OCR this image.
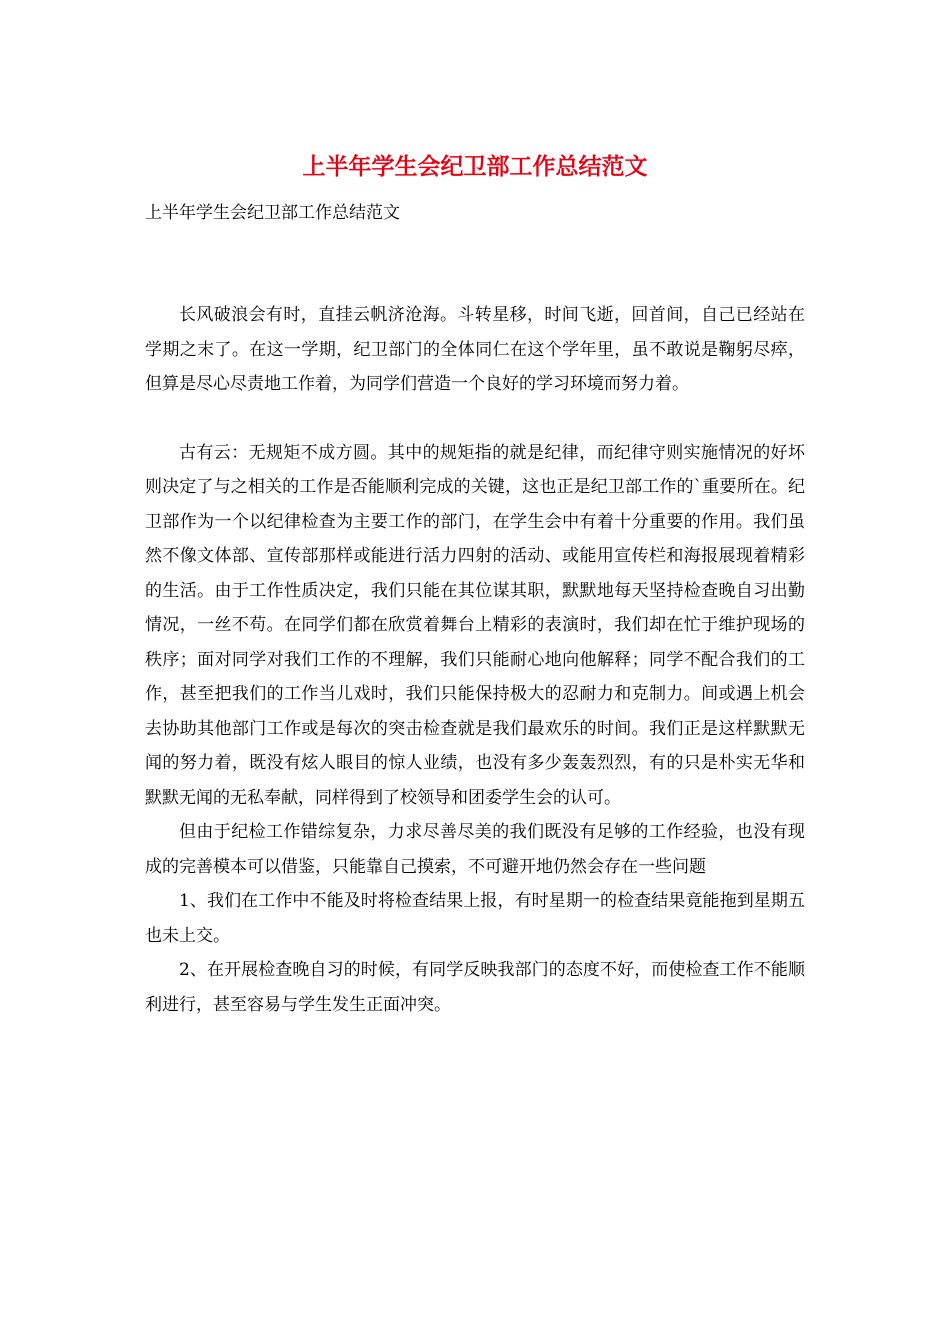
上半年学生会纪卫部工作总结范文

上半年学生会纪卫部工作总结范文

长风破浪会有时，直挂云帆济沧海。斗转星移，时间飞逝，回首间，自己已经站在学期之末了。在这一学期，纪卫部门的全体同仁在这个学年里，虽不敢说是鞠躬尽瘁，但算是尽心尽责地工作着，为同学们营造一个良好的学习环境而努力着。

古有云：无规矩不成方圆。其中的规矩指的就是纪律，而纪律守则实施情况的好坏则决定了与之相关的工作是否能顺利完成的关键，这也正是纪卫部工作的`重要所在。纪卫部作为一个以纪律检查为主要工作的部门，在学生会中有着十分重要的作用。我们虽然不像文体部、宣传部那样或能进行活力四射的活动、或能用宣传栏和海报展现着精彩的生活。由于工作性质决定，我们只能在其位谋其职，默默地每天坚持检查晚自习出勤情况，一丝不苟。在同学们都在欣赏着舞台上精彩的表演时，我们却在忙于维护现场的秩序；面对同学对我们工作的不理解，我们只能耐心地向他解释；同学不配合我们的工作，甚至把我们的工作当儿戏时，我们只能保持极大的忍耐力和克制力。间或遇上机会去协助其他部门工作或是每次的突击检查就是我们最欢乐的时间。我们正是这样默默无闻的努力着，既没有炫人眼目的惊人业绩，也没有多少轰轰烈烈，有的只是朴实无华和默默无闻的无私奉献，同样得到了校领导和团委学生会的认可。

但由于纪检工作错综复杂，力求尽善尽美的我们既没有足够的工作经验，也没有现成的完善模本可以借鉴，只能靠自己摸索，不可避开地仍然会存在一些问题

1、我们在工作中不能及时将检查结果上报，有时星期一的检查结果竟能拖到星期五也未上交。

2、在开展检查晚自习的时候，有同学反映我部门的态度不好，而使检查工作不能顺利进行，甚至容易与学生发生正面冲突。
